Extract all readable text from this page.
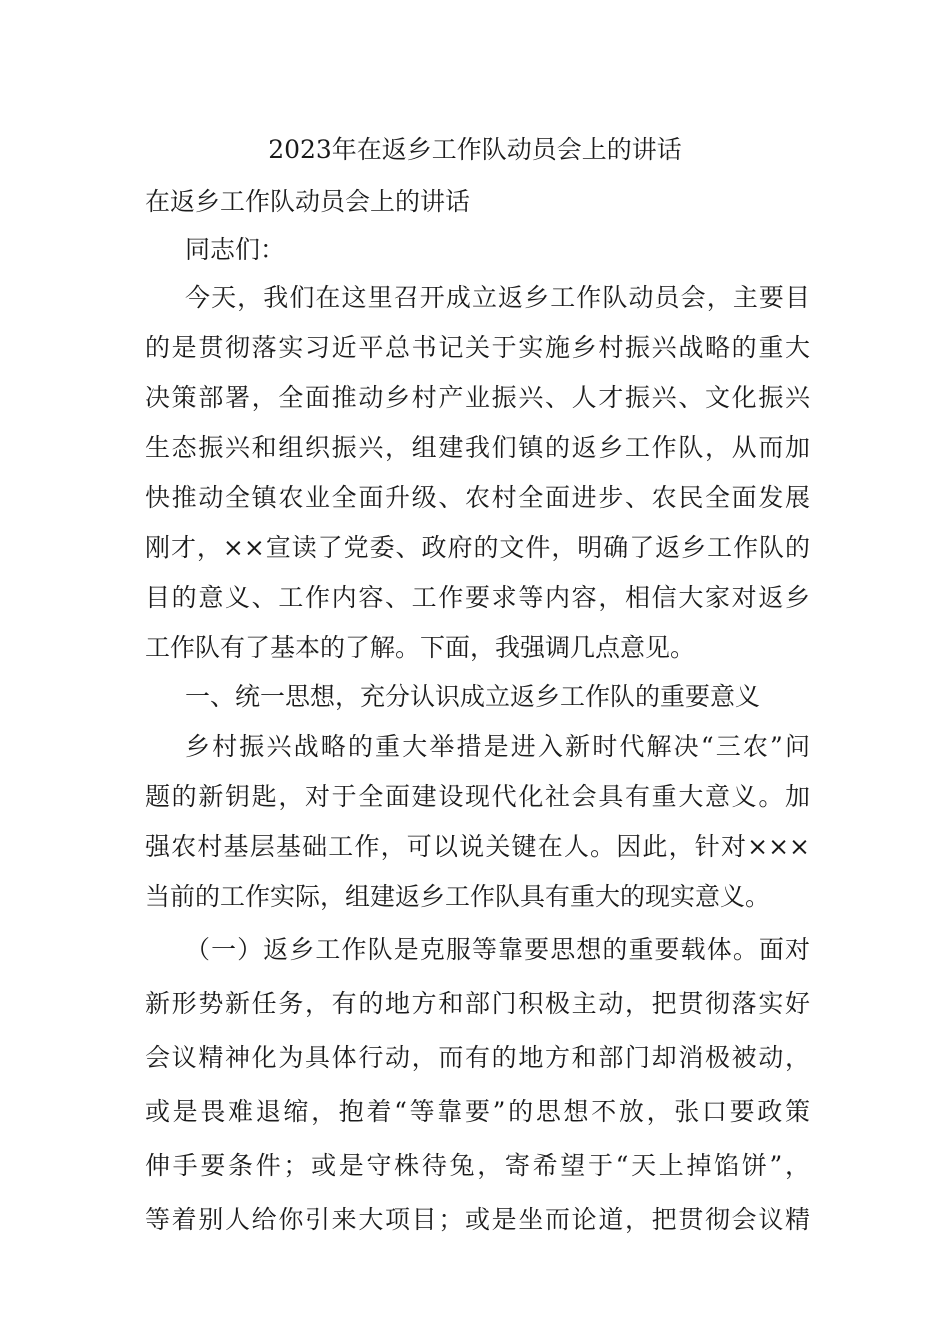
2023年在返乡工作队动员会上的讲话
在返乡工作队动员会上的讲话
同志们：
今天，我们在这里召开成立返乡工作队动员会，主要目
的是贯彻落实习近平总书记关于实施乡村振兴战略的重大
决策部署，全面推动乡村产业振兴、人才振兴、文化振兴
生态振兴和组织振兴，组建我们镇的返乡工作队，从而加
快推动全镇农业全面升级、农村全面进步、农民全面发展
刚才，××宣读了党委、政府的文件，明确了返乡工作队的
目的意义、工作内容、工作要求等内容，相信大家对返乡
工作队有了基本的了解。下面，我强调几点意见。
一、统一思想，充分认识成立返乡工作队的重要意义
乡村振兴战略的重大举措是进入新时代解决“三农”问
题的新钥匙，对于全面建设现代化社会具有重大意义。加
强农村基层基础工作，可以说关键在人。因此，针对×××
当前的工作实际，组建返乡工作队具有重大的现实意义。
（一）返乡工作队是克服等靠要思想的重要载体。面对
新形势新任务，有的地方和部门积极主动，把贯彻落实好
会议精神化为具体行动，而有的地方和部门却消极被动，
或是畏难退缩，抱着“等靠要”的思想不放，张口要政策
伸手要条件；或是守株待兔，寄希望于“天上掉馅饼”，
等着别人给你引来大项目；或是坐而论道，把贯彻会议精
